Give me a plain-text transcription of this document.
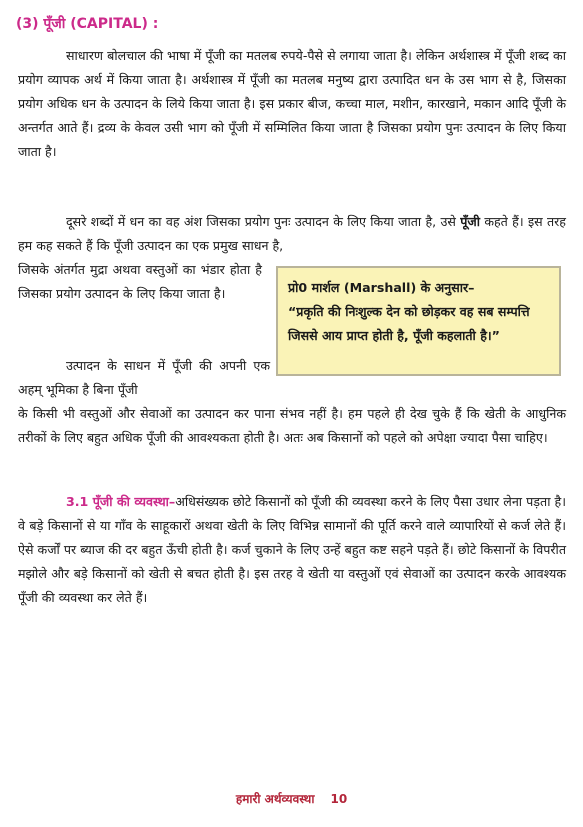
(3) पूँजी (CAPITAL) :

साधारण बोलचाल की भाषा में पूँजी का मतलब रुपये-पैसे से लगाया जाता है। लेकिन अर्थशास्त्र में पूँजी शब्द का प्रयोग व्यापक अर्थ में किया जाता है। अर्थशास्त्र में पूँजी का मतलब मनुष्य द्वारा उत्पादित धन के उस भाग से है, जिसका प्रयोग अधिक धन के उत्पादन के लिये किया जाता है। इस प्रकार बीज, कच्चा माल, मशीन, कारखाने, मकान आदि पूँजी के अन्तर्गत आते हैं। द्रव्य के केवल उसी भाग को पूँजी में सम्मिलित किया जाता है जिसका प्रयोग पुनः उत्पादन के लिए किया जाता है।

दूसरे शब्दों में धन का वह अंश जिसका प्रयोग पुनः उत्पादन के लिए किया जाता है, उसे पूँजी कहते हैं। इस तरह हम कह सकते हैं कि पूँजी उत्पादन का एक प्रमुख साधन है,

जिसके अंतर्गत मुद्रा अथवा वस्तुओं का भंडार होता है जिसका प्रयोग उत्पादन के लिए किया जाता है।	प्रो0 मार्शल (Marshall) के अनुसार–
“प्रकृति की निःशुल्क देन को छोड़कर वह सब सम्पत्ति जिससे आय प्राप्त होती है, पूँजी कहलाती है।”

उत्पादन के साधन में पूँजी की अपनी एक अहम् भूमिका है बिना पूँजी

के किसी भी वस्तुओं और सेवाओं का उत्पादन कर पाना संभव नहीं है। हम पहले ही देख चुके हैं कि खेती के आधुनिक तरीकों के लिए बहुत अधिक पूँजी की आवश्यकता होती है। अतः अब किसानों को पहले को अपेक्षा ज्यादा पैसा चाहिए।

3.1 पूँजी की व्यवस्था–अधिसंख्यक छोटे किसानों को पूँजी की व्यवस्था करने के लिए पैसा उधार लेना पड़ता है। वे बड़े किसानों से या गाँव के साहूकारों अथवा खेती के लिए विभिन्न सामानों की पूर्ति करने वाले व्यापारियों से कर्ज लेते हैं। ऐसे कर्जों पर ब्याज की दर बहुत ऊँची होती है। कर्ज चुकाने के लिए उन्हें बहुत कष्ट सहने पड़ते हैं। छोटे किसानों के विपरीत मझोले और बड़े किसानों को खेती से बचत होती है। इस तरह वे खेती या वस्तुओं एवं सेवाओं का उत्पादन करके आवश्यक पूँजी की व्यवस्था कर लेते हैं।

हमारी अर्थव्यवस्था 10
